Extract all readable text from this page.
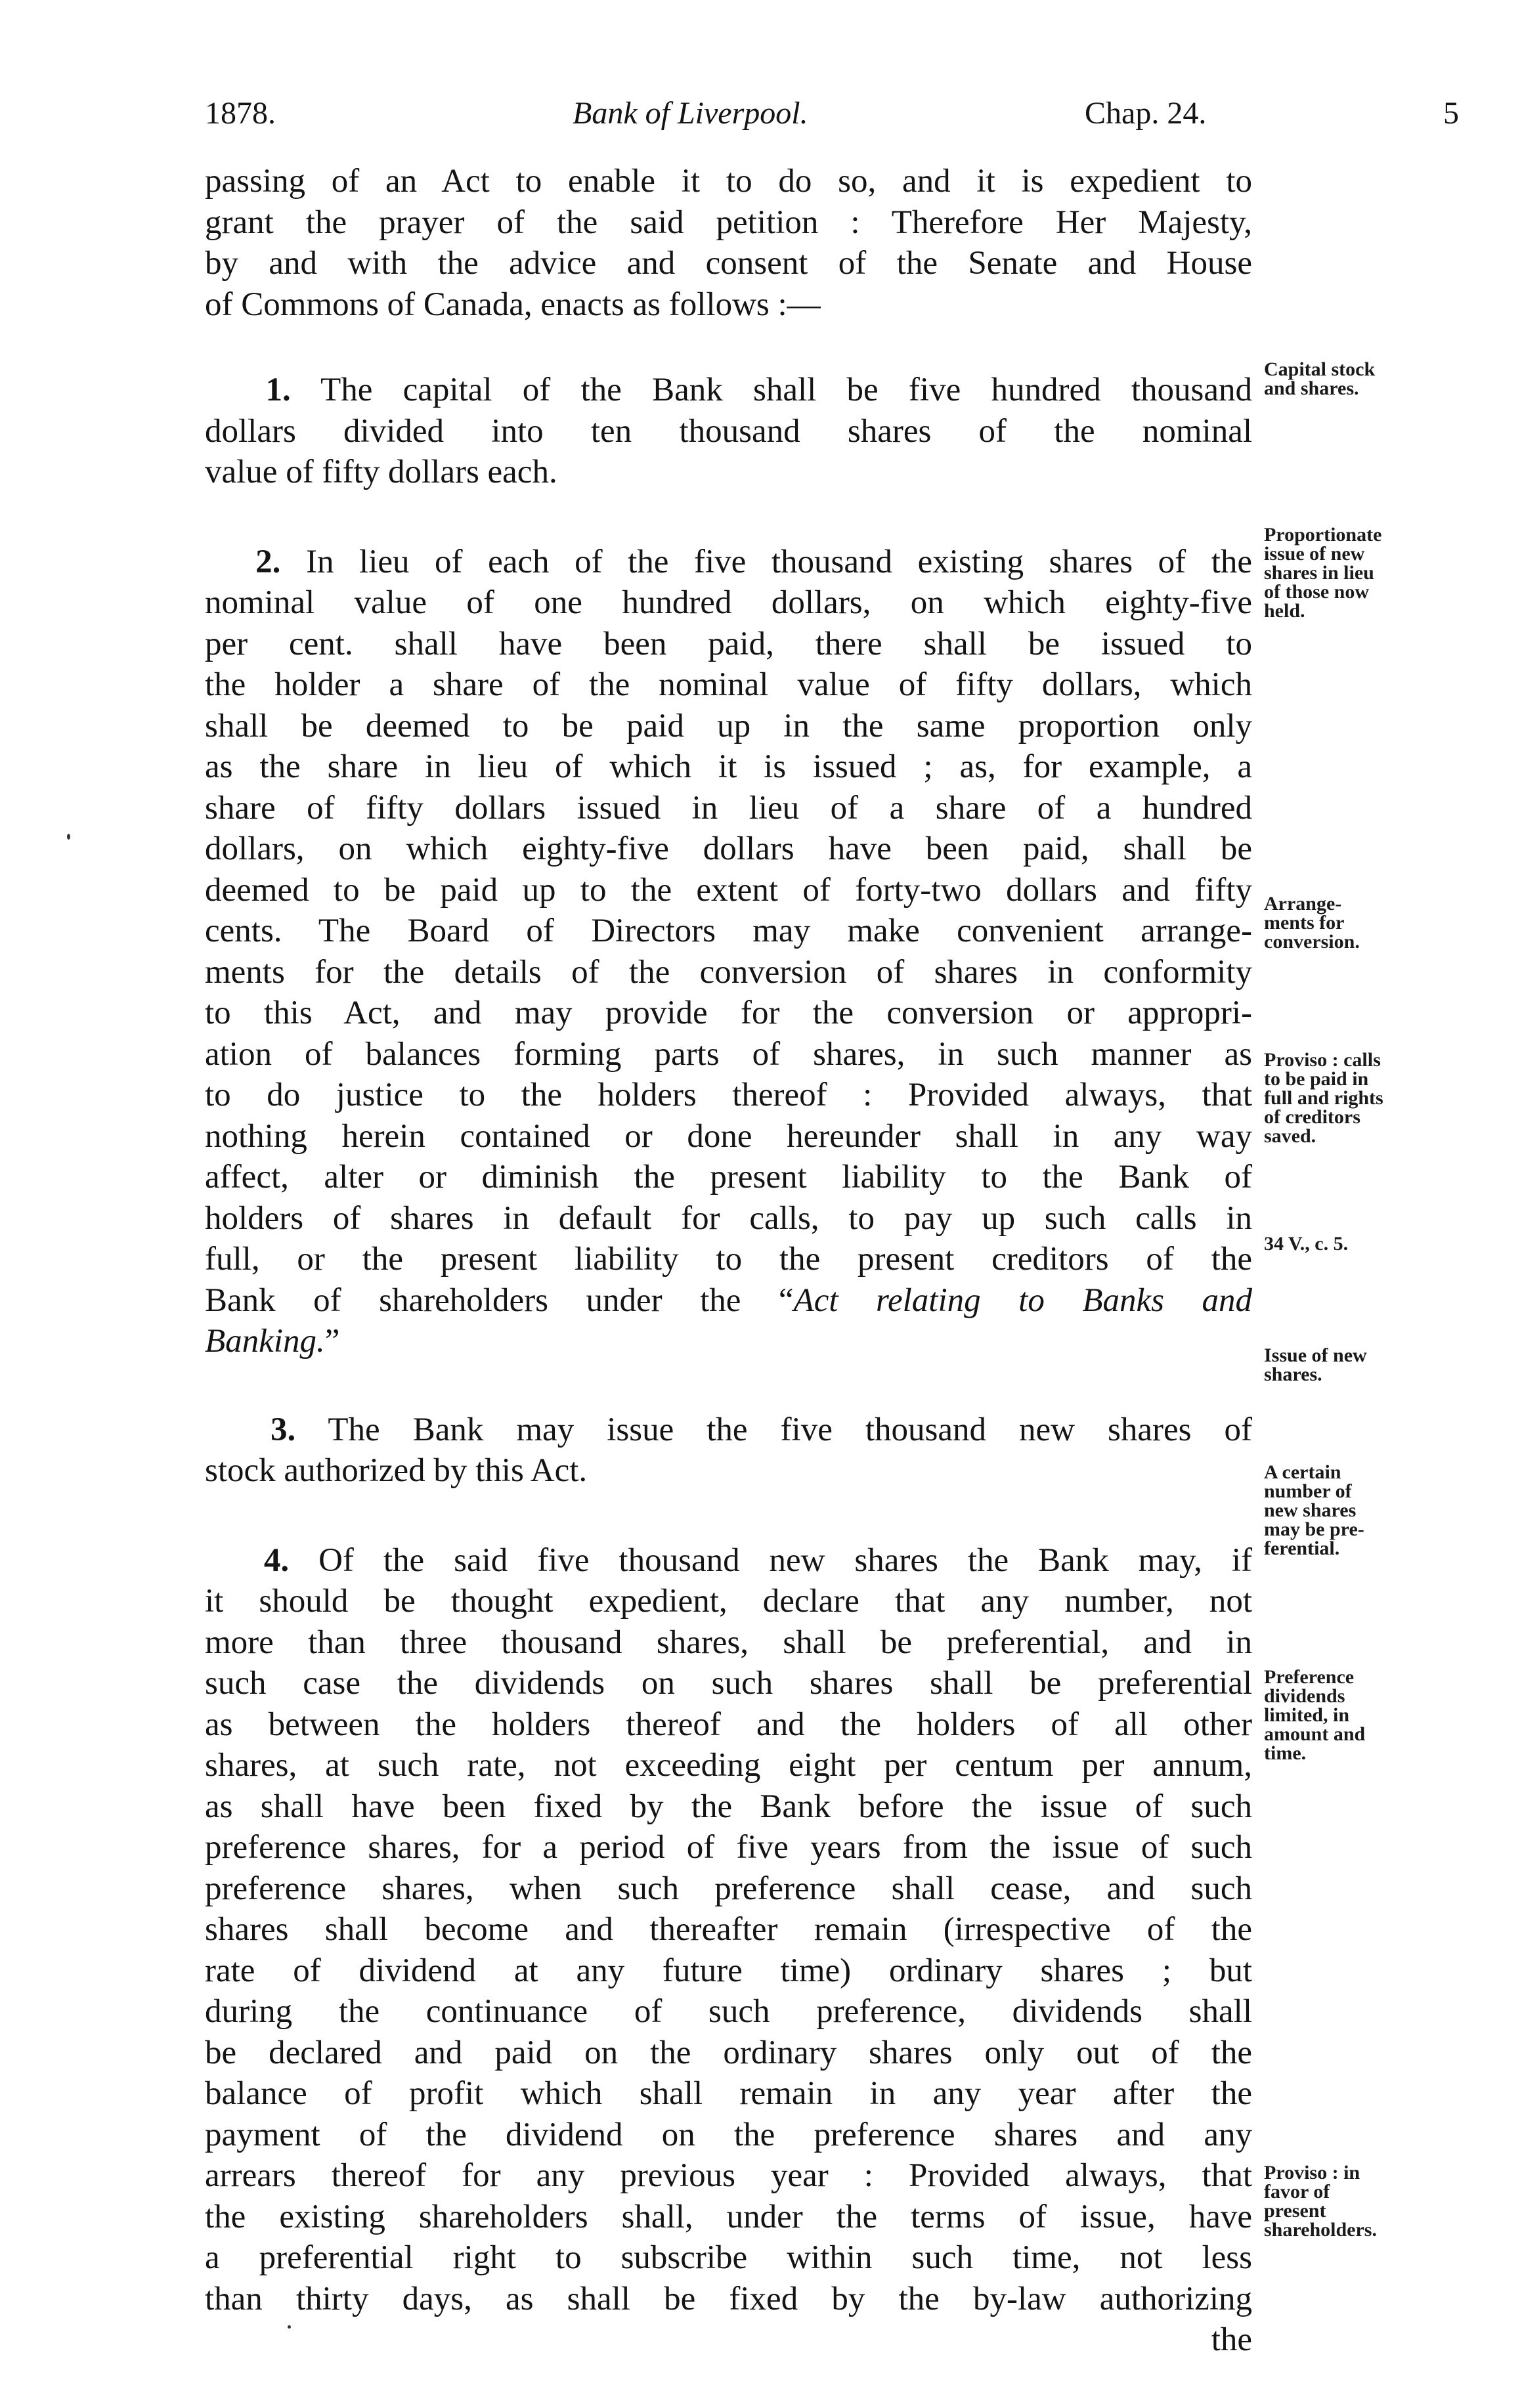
1878.	Bank of Liverpool.	Chap. 24.	5

passing of an Act to enable it to do so, and it is expedient to
grant the prayer of the said petition : Therefore Her Majesty,
by and with the advice and consent of the Senate and House
of Commons of Canada, enacts as follows :—

1. The capital of the Bank shall be five hundred thousand
dollars divided into ten thousand shares of the nominal
value of fifty dollars each.

2. In lieu of each of the five thousand existing shares of the
nominal value of one hundred dollars, on which eighty-five
per cent. shall have been paid, there shall be issued to
the holder a share of the nominal value of fifty dollars, which
shall be deemed to be paid up in the same proportion only
as the share in lieu of which it is issued ; as, for example, a
share of fifty dollars issued in lieu of a share of a hundred
dollars, on which eighty-five dollars have been paid, shall be
deemed to be paid up to the extent of forty-two dollars and fifty
cents. The Board of Directors may make convenient arrange-
ments for the details of the conversion of shares in conformity
to this Act, and may provide for the conversion or appropri-
ation of balances forming parts of shares, in such manner as
to do justice to the holders thereof : Provided always, that
nothing herein contained or done hereunder shall in any way
affect, alter or diminish the present liability to the Bank of
holders of shares in default for calls, to pay up such calls in
full, or the present liability to the present creditors of the
Bank of shareholders under the “Act relating to Banks and
Banking.”

3. The Bank may issue the five thousand new shares of
stock authorized by this Act.

4. Of the said five thousand new shares the Bank may, if
it should be thought expedient, declare that any number, not
more than three thousand shares, shall be preferential, and in
such case the dividends on such shares shall be preferential
as between the holders thereof and the holders of all other
shares, at such rate, not exceeding eight per centum per annum,
as shall have been fixed by the Bank before the issue of such
preference shares, for a period of five years from the issue of such
preference shares, when such preference shall cease, and such
shares shall become and thereafter remain (irrespective of the
rate of dividend at any future time) ordinary shares ; but
during the continuance of such preference, dividends shall
be declared and paid on the ordinary shares only out of the
balance of profit which shall remain in any year after the
payment of the dividend on the preference shares and any
arrears thereof for any previous year : Provided always, that
the existing shareholders shall, under the terms of issue, have
a preferential right to subscribe within such time, not less
than thirty days, as shall be fixed by the by-law authorizing
the

Capital stock
and shares.
Proportionate
issue of new
shares in lieu
of those now
held.
Arrange-
ments for
conversion.
Proviso : calls
to be paid in
full and rights
of creditors
saved.
34 V., c. 5.
Issue of new
shares.
A certain
number of
new shares
may be pre-
ferential.
Preference
dividends
limited, in
amount and
time.
Proviso : in
favor of
present
shareholders.
